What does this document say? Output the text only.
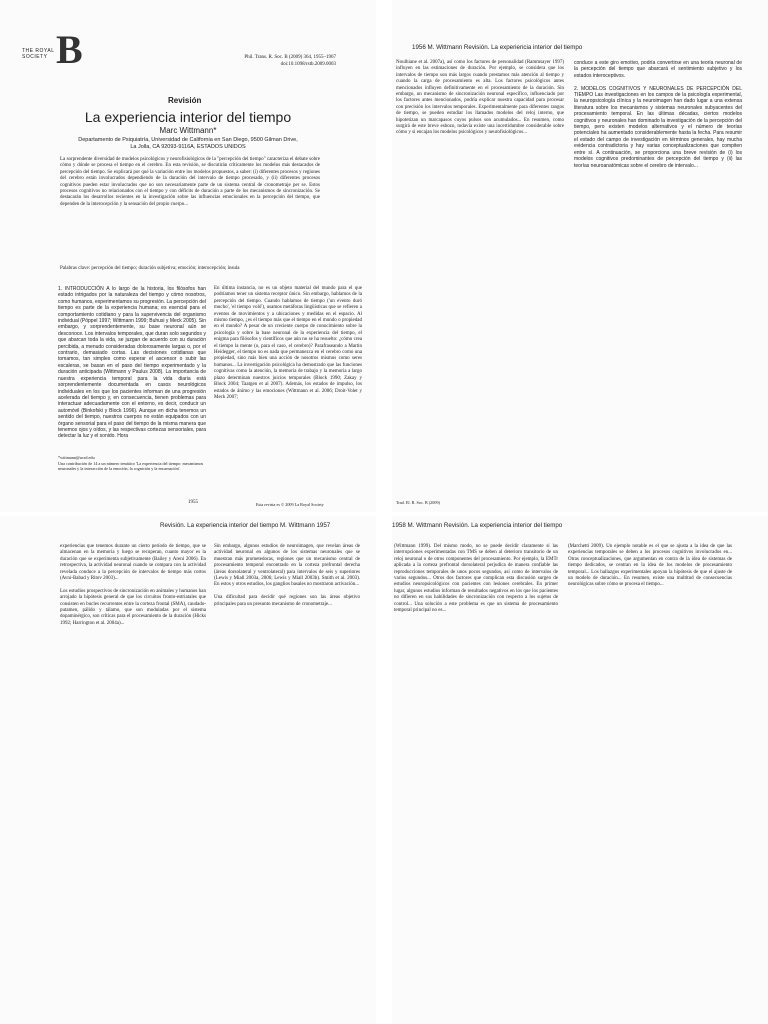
B
THE ROYAL
SOCIETY	Phil. Trans. R. Soc. B (2009) 364, 1955–1967
doi:10.1098/rstb.2009.0003
Revisión
La experiencia interior del tiempo
Marc Wittmann*
Departamento de Psiquiatría, Universidad de California en San Diego, 9500 Gilman Drive,
La Jolla, CA 92093-9116A, ESTADOS UNIDOS
La sorprendente diversidad de modelos psicológicos y neurofisiológicos de la "percepción del tiempo" caracteriza el debate sobre cómo y dónde se procesa el tiempo en el cerebro. En esta revisión, se discutirán críticamente los modelos más destacados de percepción del tiempo. Se explicará por qué la variación entre los modelos propuestos, a saber: (i) diferentes procesos y regiones del cerebro están involucrados dependiendo de la duración del intervalo de tiempo procesado, y (ii) diferentes procesos cognitivos pueden estar involucrados que no son necesariamente parte de un sistema central de cronometraje per se. Estos procesos cognitivos no relacionados con el tiempo y con déficits de duración a parte de los mecanismos de sincronización. Se destacarán los desarrollos recientes en la investigación sobre las influencias emocionales en la percepción del tiempo, que dependen de la interocepción y la sensación del propio cuerpo...
Palabras clave: percepción del tiempo; duración subjetiva; emoción; interocepción; ínsula
1. INTRODUCCIÓN A lo largo de la historia, los filósofos han estado intrigados por la naturaleza del tiempo y cómo nosotros, como humanos, experimentamos su progresión. La percepción del tiempo es parte de la experiencia humana; es esencial para el comportamiento cotidiano y para la supervivencia del organismo individual (Pöppel 1997; Wittmann 1999; Buhusi y Meck 2005). Sin embargo, y sorprendentemente, su base neuronal aún se desconoce. Los intervalos temporales, que duran solo segundos y que abarcan toda la vida, se juzgan de acuerdo con su duración percibida, a menudo consideradas dolorosamente largas o, por el contrario, demasiado cortas. Las decisiones cotidianas que tomamos, tan simples como esperar el ascensor o subir las escaleras, se basan en el paso del tiempo experimentado y la duración anticipada (Wittmann y Paulus 2008). La importancia de nuestra experiencia temporal para la vida diaria está sorprendentemente documentada en casos neurológicos individuales en los que los pacientes informan de una progresión acelerada del tiempo y, en consecuencia, tienen problemas para interactuar adecuadamente con el entorno, es decir, conducir un automóvil (Binkofski y Block 1996). Aunque en dicha tenemos un sentido del tiempo, nuestros cuerpos no están equipados con un órgano sensorial para el paso del tiempo de la misma manera que tenemos ojos y oídos, y las respectivas cortezas sensoriales, para detectar la luz y el sonido. Hora
En última instancia, no es un objeto material del mundo para el que podríamos tener un sistema receptor único. Sin embargo, hablamos de la percepción del tiempo. Cuando hablamos de tiempo ('un evento duró mucho', 'el tiempo voló'), usamos metáforas lingüísticas que se refieren a eventos de movimientos y a ubicaciones y medidas en el espacio. Al mismo tiempo, ¿es el tiempo más que el tiempo en el mundo o propiedad en el mundo? A pesar de un creciente cuerpo de conocimiento sobre la psicología y sobre la base neuronal de la experiencia del tiempo, el enigma para filósofos y científicos que aún no se ha resuelto: ¿cómo crea el tiempo la mente (o, para el caso, el cerebro)? Parafraseando a Martin Heidegger, el tiempo no es nada que permanezca en el cerebro como una propiedad, sino más bien una acción de nosotros mismos como seres humanos... La investigación psicológica ha demostrado que las funciones cognitivas como la atención, la memoria de trabajo y la memoria a largo plazo determinan nuestros juicios temporales (Block 1990; Zakay y Block 2004; Taatgen et al 2007). Además, los estados de impulso, los estados de ánimo y las emociones (Wittmann et al. 2006; Droit-Volet y Meck 2007;
*wittmann@ucsd.edu
Una contribución de 14 a un número temático 'La experiencia del tiempo: mecanismos neuronales y la interacción de la emoción, la cognición y la encarnación'.
1955	Esta revista es © 2009 La Royal Society
1956 M. Wittmann Revisión. La experiencia interior del tiempo
Noulhiane et al. 2007a), así como los factores de personalidad (Rammsayer 1997) influyen en las estimaciones de duración. Por ejemplo, se considera que los intervalos de tiempo son más largos cuando prestamos más atención al tiempo y cuando la carga de procesamiento es alta. Los factores psicológicos antes mencionados influyen definitivamente en el procesamiento de la duración. Sin embargo, un mecanismo de sincronización neuronal específico, influenciado por los factores antes mencionados, podría explicar nuestra capacidad para procesar con precisión los intervalos temporales. Experimentalmente para diferentes rangos de tiempo, se pueden estudiar los llamados modelos del reloj interno, que hipotetizan un marcapasos cuyos pulsos son acumulados... En resumen, como surgirá de este breve esbozo, todavía existe una incertidumbre considerable sobre cómo y si encajan los modelos psicológicos y neurofisiológicos...
conduce a este giro emotivo, podría convertirse en una teoría neuronal de la percepción del tiempo que abarcará el sentimiento subjetivo y los estados interoceptivos.

2. MODELOS COGNITIVOS Y NEURONALES DE PERCEPCIÓN DEL TIEMPO Las investigaciones en los campos de la psicología experimental, la neuropsicología clínica y la neuroimagen han dado lugar a una extensa literatura sobre los mecanismos y sistemas neuronales subyacentes del procesamiento temporal. En las últimas décadas, ciertos modelos cognitivos y neuronales han dominado la investigación de la percepción del tiempo, pero existen modelos alternativos y el número de teorías potenciales ha aumentado considerablemente hasta la fecha. Para resumir el estado del campo de investigación en términos generales, hay mucha evidencia contradictoria y hay varias conceptualizaciones que compiten entre sí. A continuación, se proporciona una breve revisión de (i) los modelos cognitivos predominantes de percepción del tiempo y (ii) las teorías neuroanatómicas sobre el cerebro de intervalo...
Trad. El. R. Soc. B (2009)
Revisión. La experiencia interior del tiempo M. Wittmann 1957
experiencias que tenemos durante un cierto período de tiempo, que se almacenan en la memoria y luego se recuperan, cuanto mayor es la duración que se experimenta subjetivamente (Bailey y Areni 2006). En retrospectiva, la actividad neuronal cuando se compara con la actividad revelada conduce a la percepción de intervalos de tiempo más cortos (Avni-Babad y Ritov 2003)...

Los estudios prospectivos de sincronización en animales y humanos han arrojado la hipótesis general de que los circuitos fronto-estriatales que consisten en bucles recurrentes entre la corteza frontal (SMA), caudado-putamen, pálido y tálamo, que son moduladas por el sistema dopaminérgico, son críticas para el procesamiento de la duración (Hicks 1992; Harrington et al. 2004a)...
Sin embargo, algunos estudios de neuroimagen, que revelan áreas de actividad neuronal en algunos de los sistemas neuronales que se muestran más prometedoras, regiones que un mecanismo central de procesamiento temporal encontrado en la corteza prefrontal derecha (áreas dorsolateral y ventrolateral) para intervalos de seis y superiores (Lewis y Miall 2003a, 2006; Lewis y Miall 2003b). Smith et al. 2003). En estos y otros estudios, los ganglios basales no mostraron activación...

Una dificultad para decidir qué regiones son las áreas objetivo principales para un presunto mecanismo de cronometraje...
1958 M. Wittmann Revisión. La experiencia interior del tiempo
(Wittmann 1999). Del mismo modo, no se puede decidir claramente si las interrupciones experimentadas con TMS se deben al deterioro transitorio de un reloj neuronal o de otros componentes del procesamiento. Por ejemplo, la EMTr aplicada a la corteza prefrontal dorsolateral perjudica de manera confiable las reproducciones temporales de unos pocos segundos, así como de intervalos de varios segundos... Otros dos factores que complican esta discusión surgen de estudios neuropsicológicos con pacientes con lesiones cerebrales. En primer lugar, algunos estudios informan de resultados negativos en los que los pacientes no difieren en sus habilidades de sincronización con respecto a los sujetos de control... Una solución a este problema es que un sistema de procesamiento temporal principal no es...
(Marchetti 2009). Un ejemplo notable es el que se ajusta a la idea de que las experiencias temporales se deben a los procesos cognitivos involucrados en... Otras conceptualizaciones, que argumentan en contra de la idea de sistemas de tiempo dedicados, se centran en la idea de los modelos de procesamiento temporal... Los hallazgos experimentales apoyan la hipótesis de que el ajuste de un modelo de duración... En resumen, existe una multitud de consecuencias neurológicas sobre cómo se procesa el tiempo...
